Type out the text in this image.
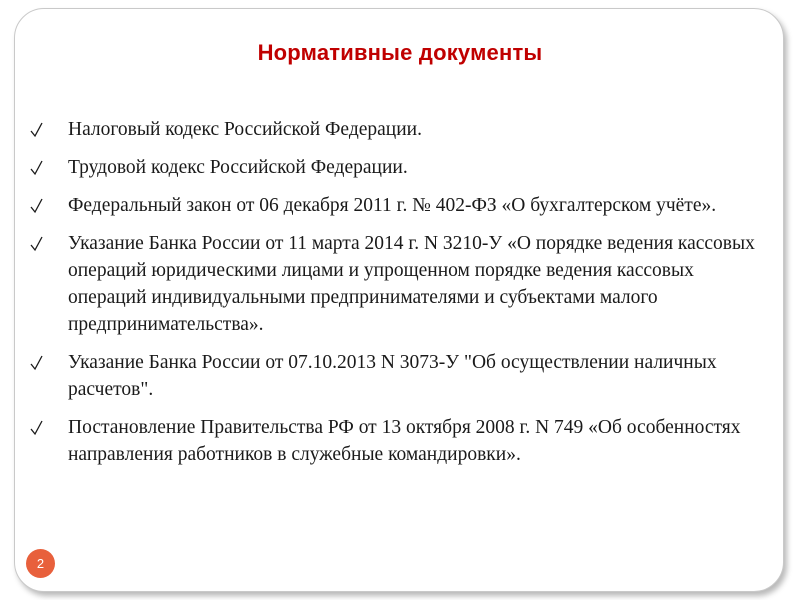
Нормативные документы
Налоговый кодекс Российской Федерации.
Трудовой кодекс Российской Федерации.
Федеральный закон от 06 декабря 2011 г. № 402-ФЗ «О бухгалтерском учёте».
Указание Банка России от 11 марта 2014 г. N 3210-У «О порядке ведения кассовых операций юридическими лицами и упрощенном порядке ведения кассовых операций индивидуальными предпринимателями и субъектами малого предпринимательства».
Указание Банка России от 07.10.2013 N 3073-У "Об осуществлении наличных расчетов".
Постановление Правительства РФ от 13 октября 2008 г. N 749 «Об особенностях направления работников в служебные командировки».
2
